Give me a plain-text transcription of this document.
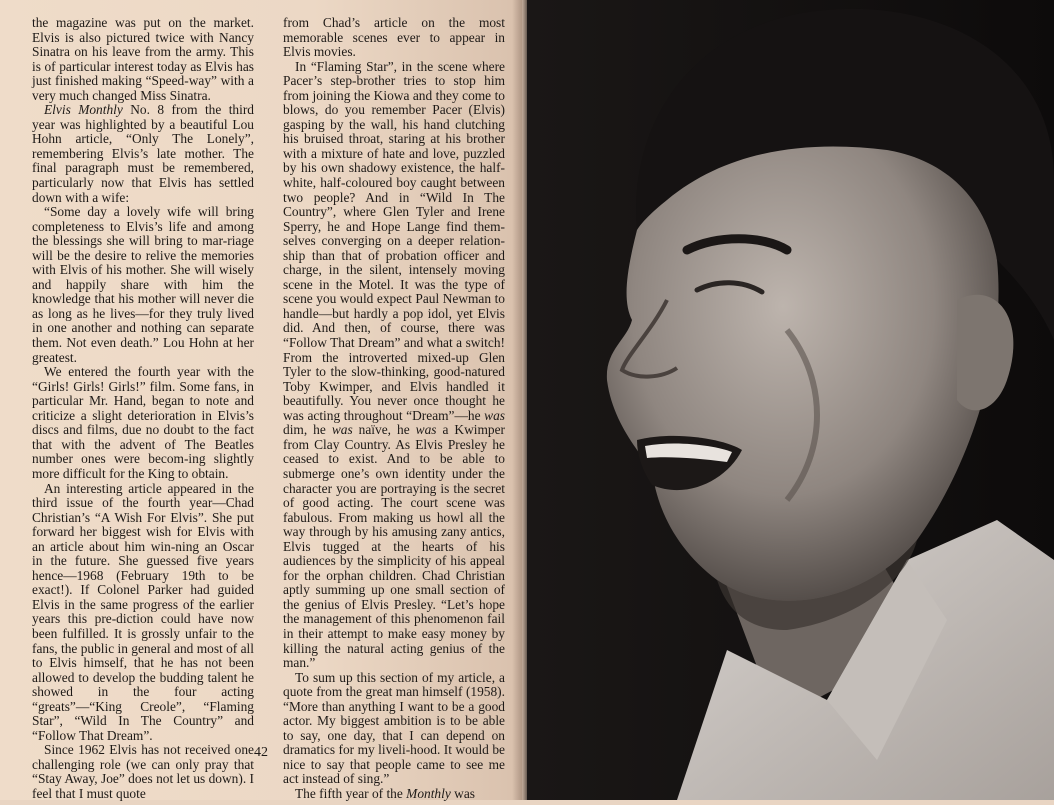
the magazine was put on the market. Elvis is also pictured twice with Nancy Sinatra on his leave from the army. This is of particular interest today as Elvis has just finished making “Speed-way” with a very much changed Miss Sinatra.

Elvis Monthly No. 8 from the third year was highlighted by a beautiful Lou Hohn article, “Only The Lonely”, remembering Elvis’s late mother. The final paragraph must be remembered, particularly now that Elvis has settled down with a wife:

“Some day a lovely wife will bring completeness to Elvis’s life and among the blessings she will bring to mar-riage will be the desire to relive the memories with Elvis of his mother. She will wisely and happily share with him the knowledge that his mother will never die as long as he lives—for they truly lived in one another and nothing can separate them. Not even death.” Lou Hohn at her greatest.

We entered the fourth year with the “Girls! Girls! Girls!” film. Some fans, in particular Mr. Hand, began to note and criticize a slight deterioration in Elvis’s discs and films, due no doubt to the fact that with the advent of The Beatles number ones were becom-ing slightly more difficult for the King to obtain.

An interesting article appeared in the third issue of the fourth year—Chad Christian’s “A Wish For Elvis”. She put forward her biggest wish for Elvis with an article about him win-ning an Oscar in the future. She guessed five years hence—1968 (February 19th to be exact!). If Colonel Parker had guided Elvis in the same progress of the earlier years this pre-diction could have now been fulfilled. It is grossly unfair to the fans, the public in general and most of all to Elvis himself, that he has not been allowed to develop the budding talent he showed in the four acting “greats”—“King Creole”, “Flaming Star”, “Wild In The Country” and “Follow That Dream”.

Since 1962 Elvis has not received one challenging role (we can only pray that “Stay Away, Joe” does not let us down). I feel that I must quote

from Chad’s article on the most memorable scenes ever to appear in Elvis movies.

In “Flaming Star”, in the scene where Pacer’s step-brother tries to stop him from joining the Kiowa and they come to blows, do you remember Pacer (Elvis) gasping by the wall, his hand clutching his bruised throat, staring at his brother with a mixture of hate and love, puzzled by his own shadowy existence, the half-white, half-coloured boy caught between two people? And in “Wild In The Country”, where Glen Tyler and Irene Sperry, he and Hope Lange find them-selves converging on a deeper relation-ship than that of probation officer and charge, in the silent, intensely moving scene in the Motel. It was the type of scene you would expect Paul Newman to handle—but hardly a pop idol, yet Elvis did. And then, of course, there was “Follow That Dream” and what a switch! From the introverted mixed-up Glen Tyler to the slow-thinking, good-natured Toby Kwimper, and Elvis handled it beautifully. You never once thought he was acting throughout “Dream”—he was dim, he was naïve, he was a Kwimper from Clay Country. As Elvis Presley he ceased to exist. And to be able to submerge one’s own identity under the character you are portraying is the secret of good acting. The court scene was fabulous. From making us howl all the way through by his amusing zany antics, Elvis tugged at the hearts of his audiences by the simplicity of his appeal for the orphan children. Chad Christian aptly summing up one small section of the genius of Elvis Presley. “Let’s hope the management of this phenomenon fail in their attempt to make easy money by killing the natural acting genius of the man.”

To sum up this section of my article, a quote from the great man himself (1958). “More than anything I want to be a good actor. My biggest ambition is to be able to say, one day, that I can depend on dramatics for my liveli-hood. It would be nice to say that people came to see me act instead of sing.”

The fifth year of the Monthly was

42
